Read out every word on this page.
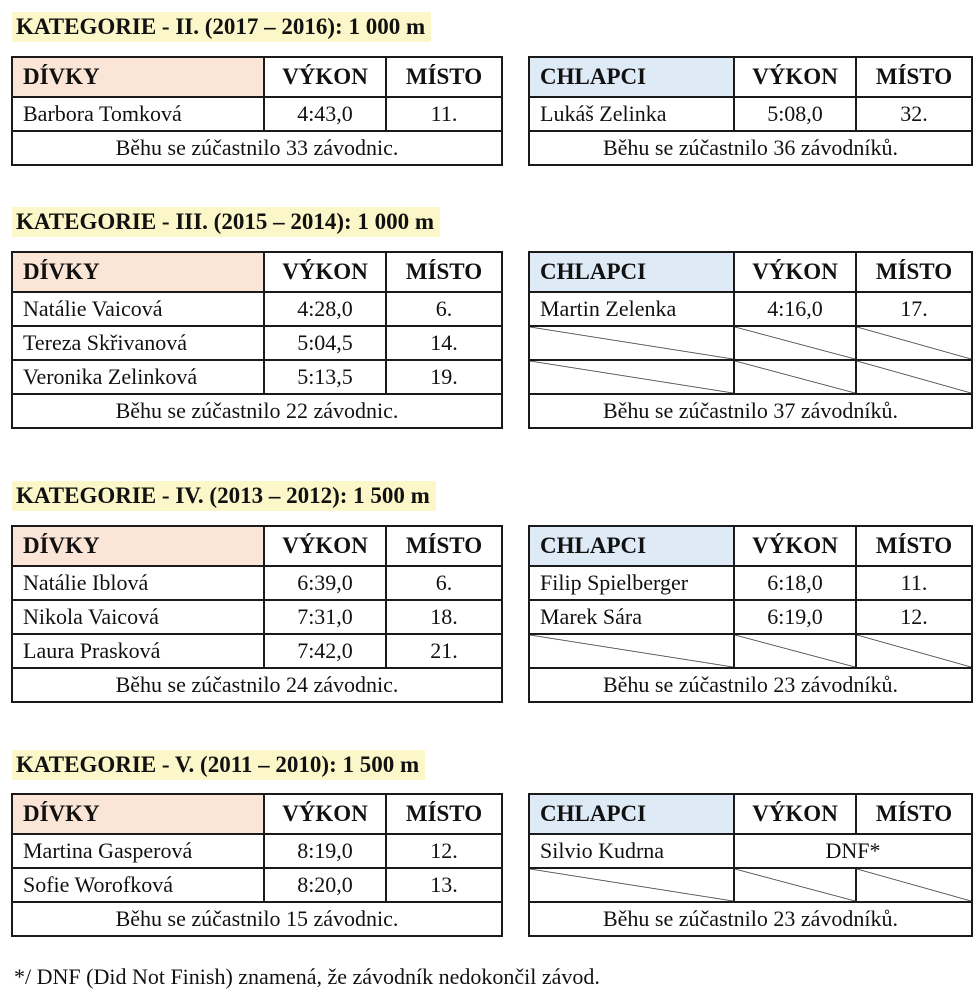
KATEGORIE - II. (2017 – 2016): 1 000 m
DÍVKY	VÝKON	MÍSTO
Barbora Tomková	4:43,0	11.
Běhu se zúčastnilo 33 závodnic.		
CHLAPCI	VÝKON	MÍSTO
Lukáš Zelinka	5:08,0	32.
Běhu se zúčastnilo 36 závodníků.		
KATEGORIE - III. (2015 – 2014): 1 000 m
DÍVKY	VÝKON	MÍSTO
Natálie Vaicová	4:28,0	6.
Tereza Skřivanová	5:04,5	14.
Veronika Zelinková	5:13,5	19.
Běhu se zúčastnilo 22 závodnic.		
CHLAPCI	VÝKON	MÍSTO
Martin Zelenka	4:16,0	17.

Běhu se zúčastnilo 37 závodníků.		
KATEGORIE - IV. (2013 – 2012): 1 500 m
DÍVKY	VÝKON	MÍSTO
Natálie Iblová	6:39,0	6.
Nikola Vaicová	7:31,0	18.
Laura Prasková	7:42,0	21.
Běhu se zúčastnilo 24 závodnic.		
CHLAPCI	VÝKON	MÍSTO
Filip Spielberger	6:18,0	11.
Marek Sára	6:19,0	12.

Běhu se zúčastnilo 23 závodníků.		
KATEGORIE - V. (2011 – 2010): 1 500 m
DÍVKY	VÝKON	MÍSTO
Martina Gasperová	8:19,0	12.
Sofie Worofková	8:20,0	13.
Běhu se zúčastnilo 15 závodnic.		
CHLAPCI	VÝKON	MÍSTO
Silvio Kudrna	DNF*	

Běhu se zúčastnilo 23 závodníků.		
*/ DNF (Did Not Finish) znamená, že závodník nedokončil závod.
